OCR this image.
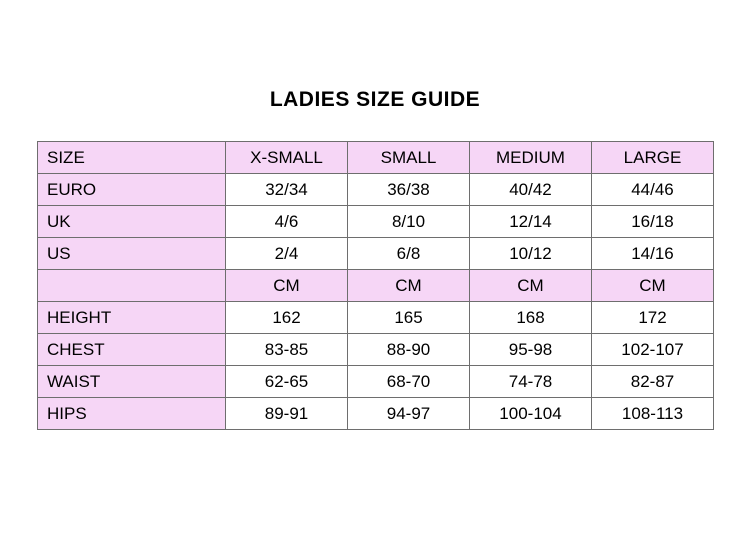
LADIES SIZE GUIDE
SIZE	X-SMALL	SMALL	MEDIUM	LARGE
EURO	32/34	36/38	40/42	44/46
UK	4/6	8/10	12/14	16/18
US	2/4	6/8	10/12	14/16
	CM	CM	CM	CM
HEIGHT	162	165	168	172
CHEST	83-85	88-90	95-98	102-107
WAIST	62-65	68-70	74-78	82-87
HIPS	89-91	94-97	100-104	108-113
